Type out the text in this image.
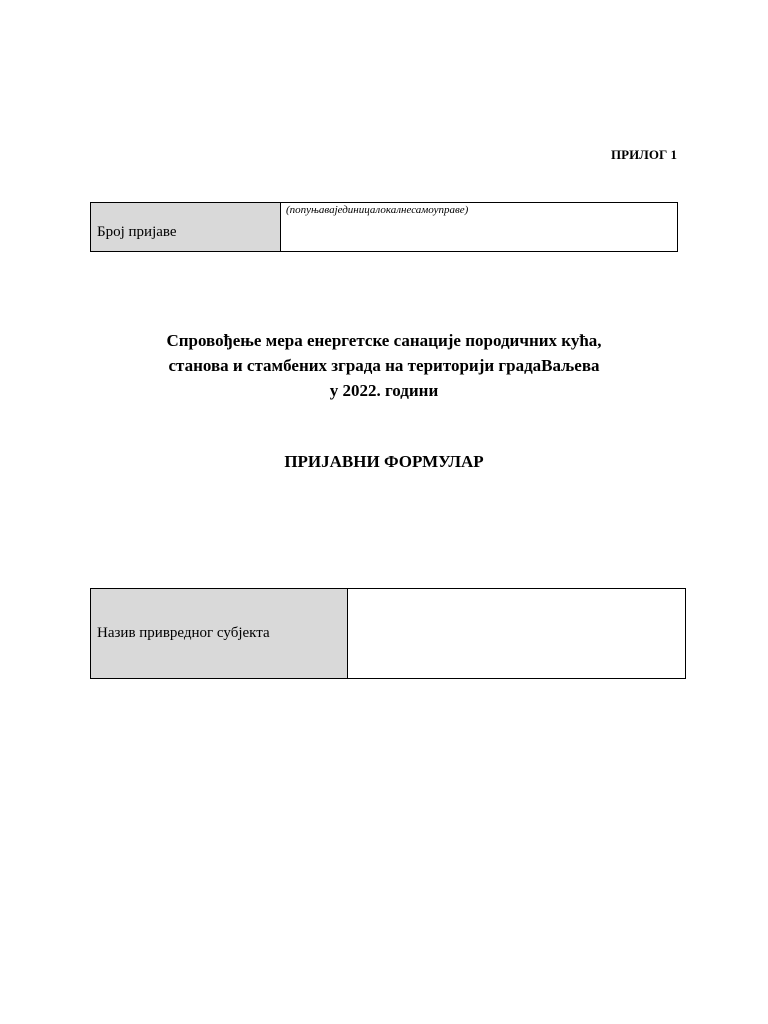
ПРИЛОГ 1
Број пријаве	(попуњавајединицалокалнесамоуправе)
Спровођење мера енергетске санације породичних кућа,
станова и стамбених зграда на територији градаВаљева
у 2022. години
ПРИЈАВНИ ФОРМУЛАР
Назив привредног субјекта	
